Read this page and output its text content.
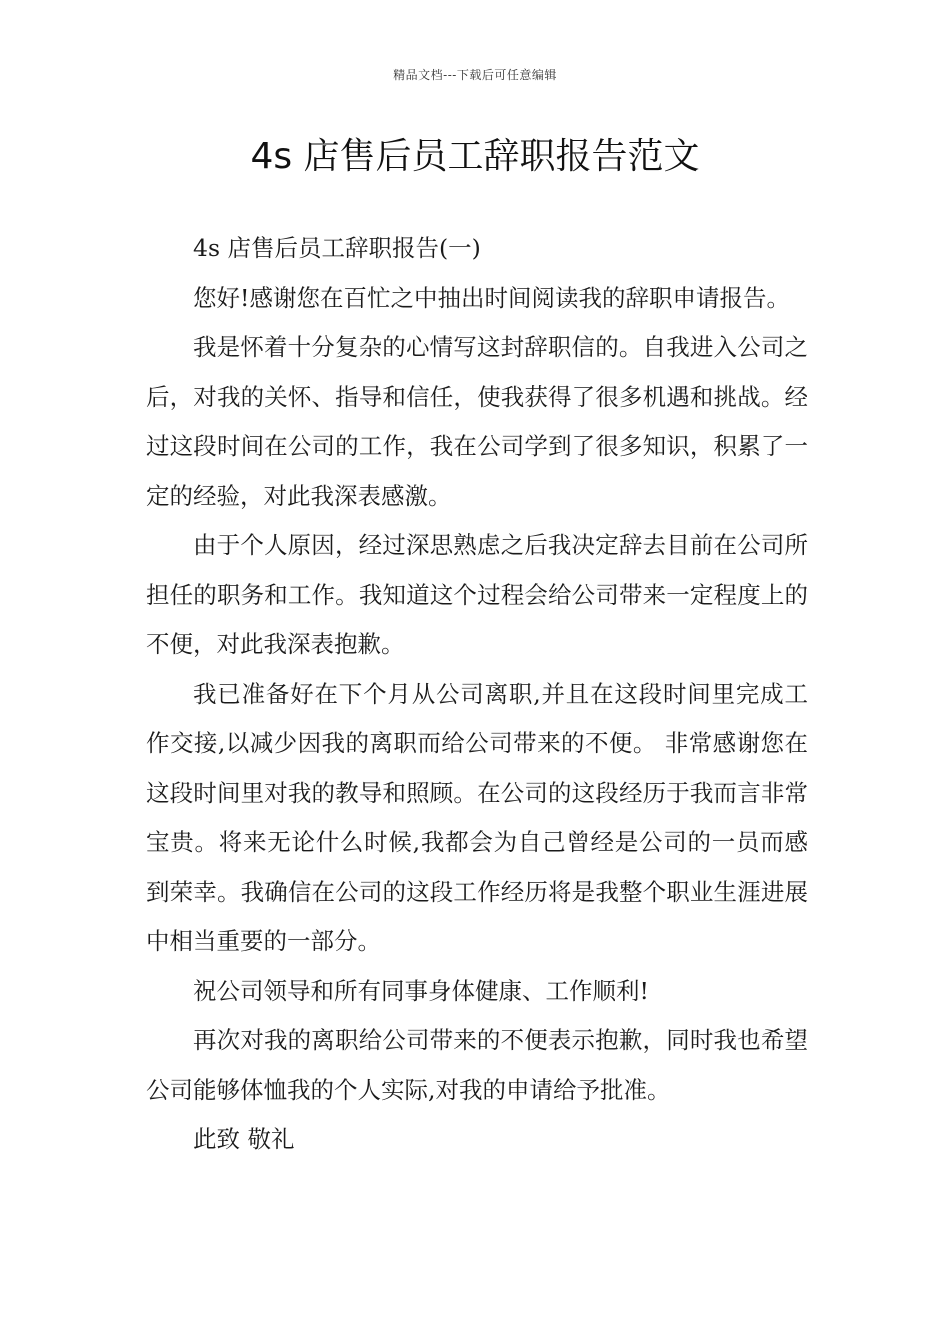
精品文档---下载后可任意编辑
4s 店售后员工辞职报告范文

4s 店售后员工辞职报告(一)

您好!感谢您在百忙之中抽出时间阅读我的辞职申请报告。

我是怀着十分复杂的心情写这封辞职信的。自我进入公司之后，对我的关怀、指导和信任，使我获得了很多机遇和挑战。经过这段时间在公司的工作，我在公司学到了很多知识，积累了一定的经验，对此我深表感激。

由于个人原因，经过深思熟虑之后我决定辞去目前在公司所担任的职务和工作。我知道这个过程会给公司带来一定程度上的不便，对此我深表抱歉。

我已准备好在下个月从公司离职,并且在这段时间里完成工作交接,以减少因我的离职而给公司带来的不便。 非常感谢您在这段时间里对我的教导和照顾。在公司的这段经历于我而言非常宝贵。将来无论什么时候,我都会为自己曾经是公司的一员而感到荣幸。我确信在公司的这段工作经历将是我整个职业生涯进展中相当重要的一部分。

祝公司领导和所有同事身体健康、工作顺利!

再次对我的离职给公司带来的不便表示抱歉，同时我也希望公司能够体恤我的个人实际,对我的申请给予批准。

此致 敬礼
